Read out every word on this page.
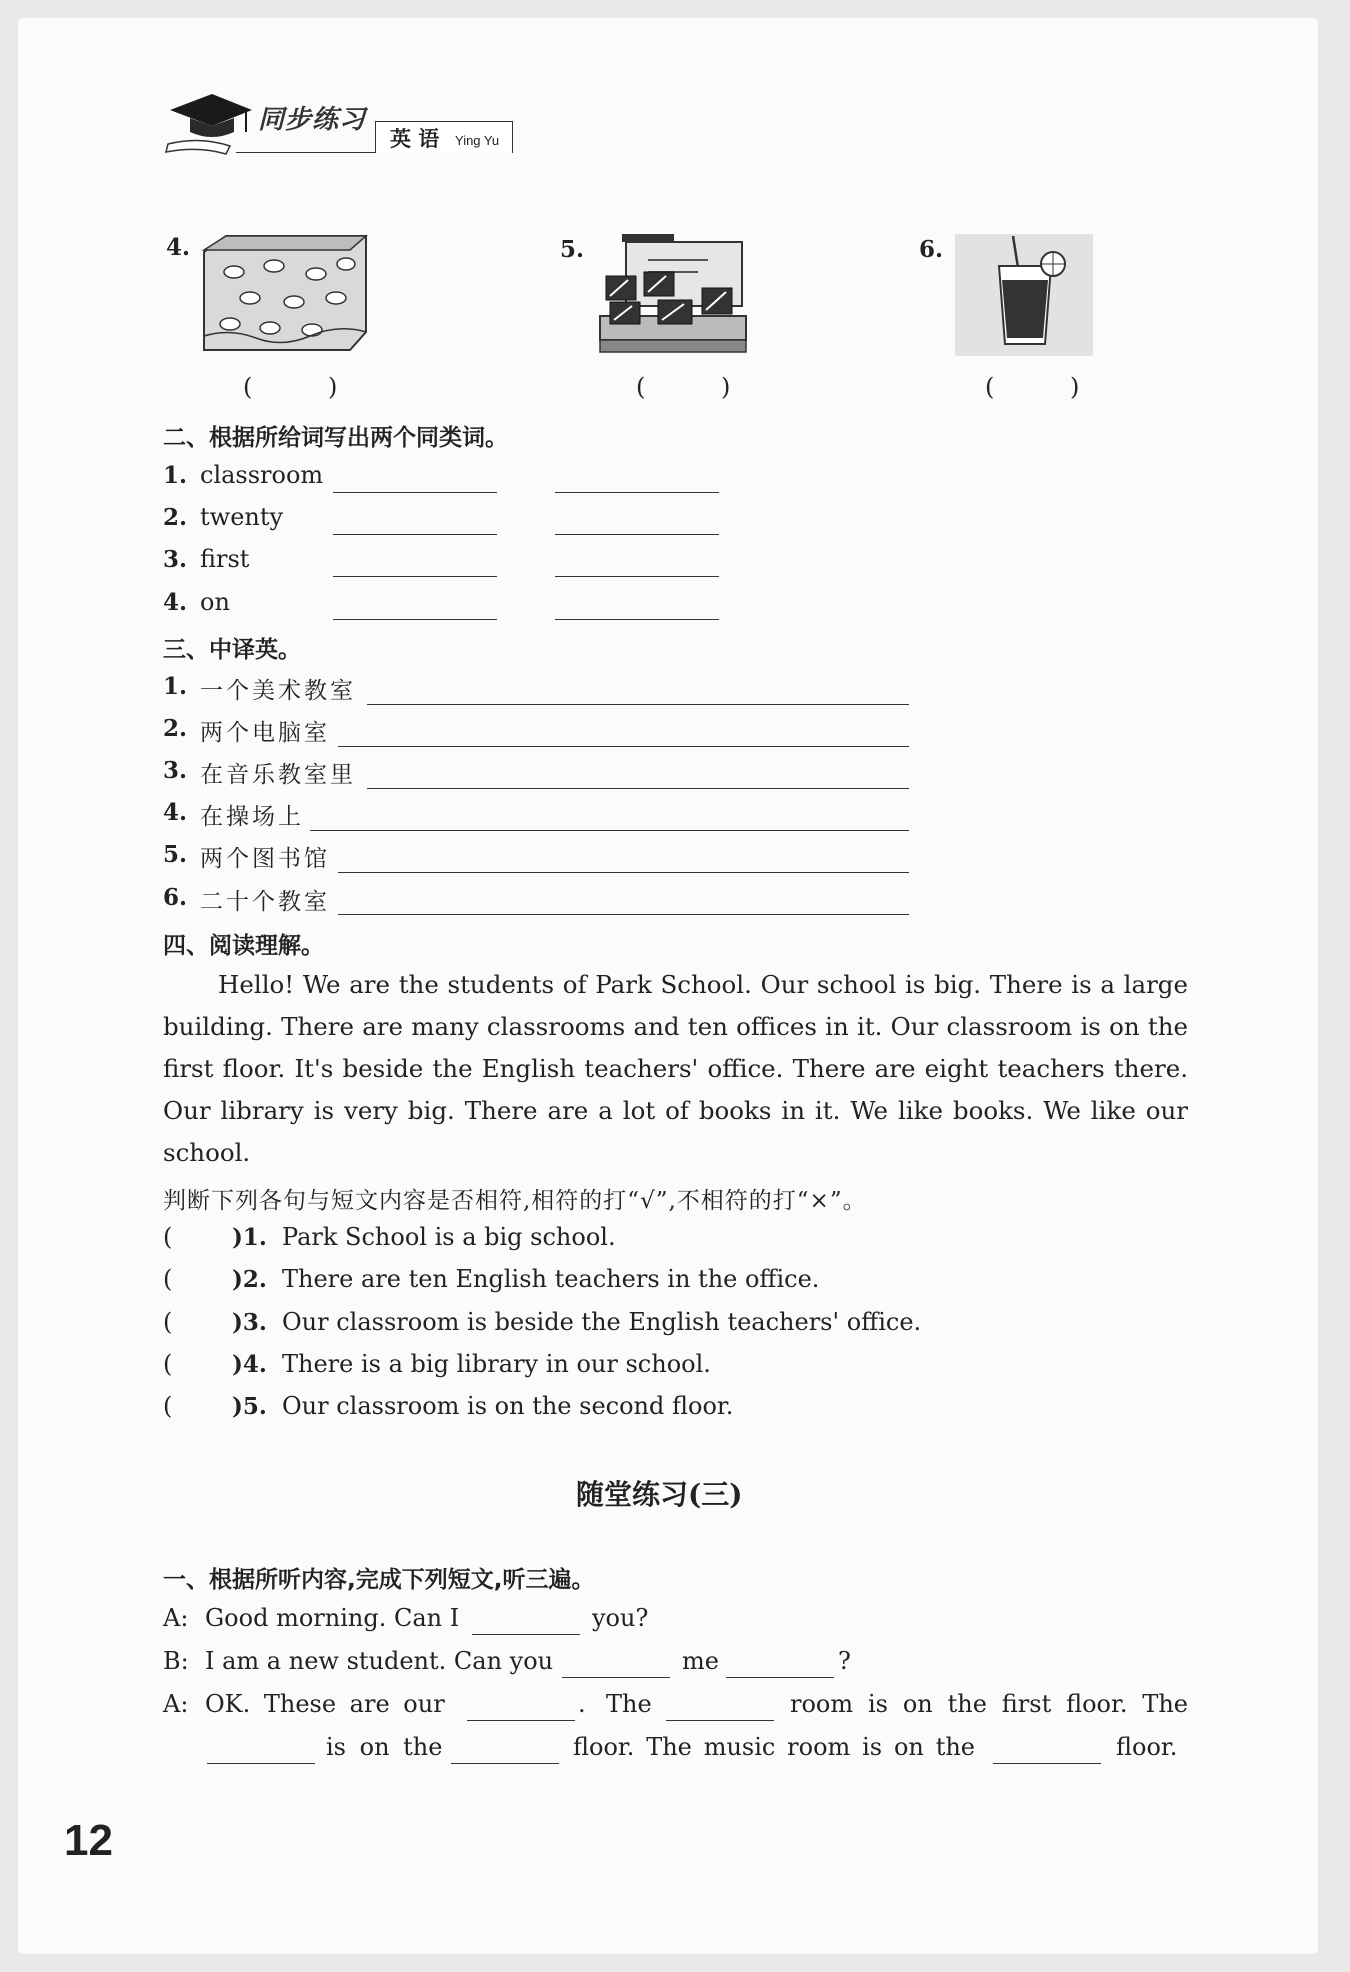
同步练习
英 语 Ying Yu
4.
( )
5.
( )
6.
( )
二、根据所给词写出两个同类词。
1. classroom
2. twenty
3. first
4. on
三、中译英。
1. 一个美术教室
2. 两个电脑室
3. 在音乐教室里
4. 在操场上
5. 两个图书馆
6. 二十个教室
四、阅读理解。
Hello! We are the students of Park School. Our school is big. There is a large
building. There are many classrooms and ten offices in it. Our classroom is on the
first floor. It's beside the English teachers' office. There are eight teachers there.
Our library is very big. There are a lot of books in it. We like books. We like our
school.
判断下列各句与短文内容是否相符,相符的打“√”,不相符的打“×”。
(	)1. Park School is a big school.
(	)2. There are ten English teachers in the office.
(	)3. Our classroom is beside the English teachers' office.
(	)4. There is a big library in our school.
(	)5. Our classroom is on the second floor.
随堂练习(三)
一、根据所听内容,完成下列短文,听三遍。
A: Good morning. Can I	you?
B: I am a new student. Can you	me	?
A: OK. These are our	. The	room is on the first floor. The
is on the	floor. The music room is on the	floor.
12
